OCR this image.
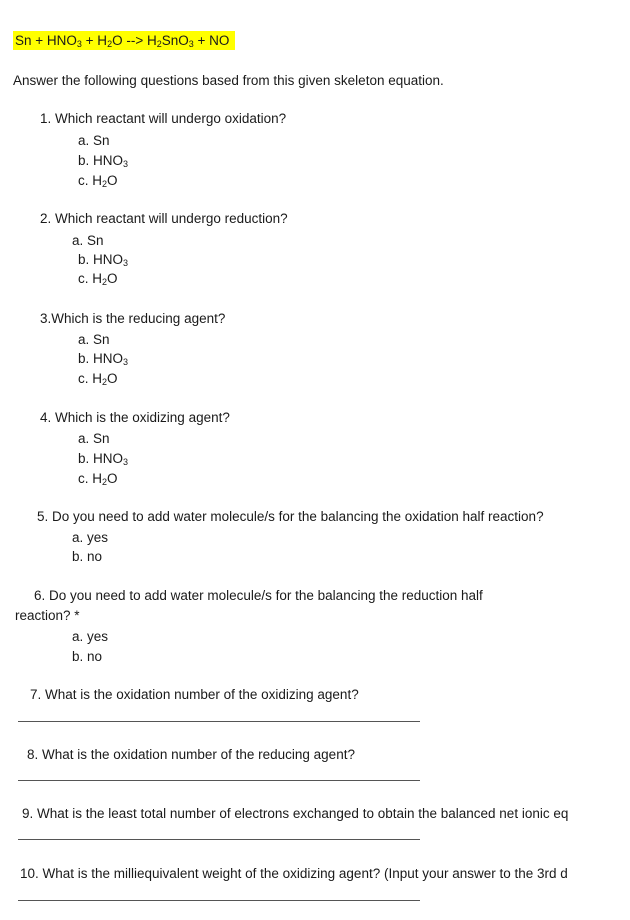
$Sn + HNO_3 + H_2O$ --> $H_2SnO_3$ + NO
Answer the following questions based from this given skeleton equation.
1. Which reactant will undergo oxidation?
a. Sn
b. $HNO_3$
c. $H_2O$
2. Which reactant will undergo reduction?
a. Sn
b. $HNO_3$
c. $H_2O$
3.Which is the reducing agent?
a. Sn
b. $HNO_3$
c. $H_2O$
4. Which is the oxidizing agent?
a. Sn
b. $HNO_3$
c. $H_2O$
5. Do you need to add water molecule/s for the balancing the oxidation half reaction?
a. yes
b. no
6. Do you need to add water molecule/s for the balancing the reduction half
reaction? *
a. yes
b. no
7. What is the oxidation number of the oxidizing agent?
8. What is the oxidation number of the reducing agent?
9. What is the least total number of electrons exchanged to obtain the balanced net ionic eq
10. What is the milliequivalent weight of the oxidizing agent? (Input your answer to the 3rd d
